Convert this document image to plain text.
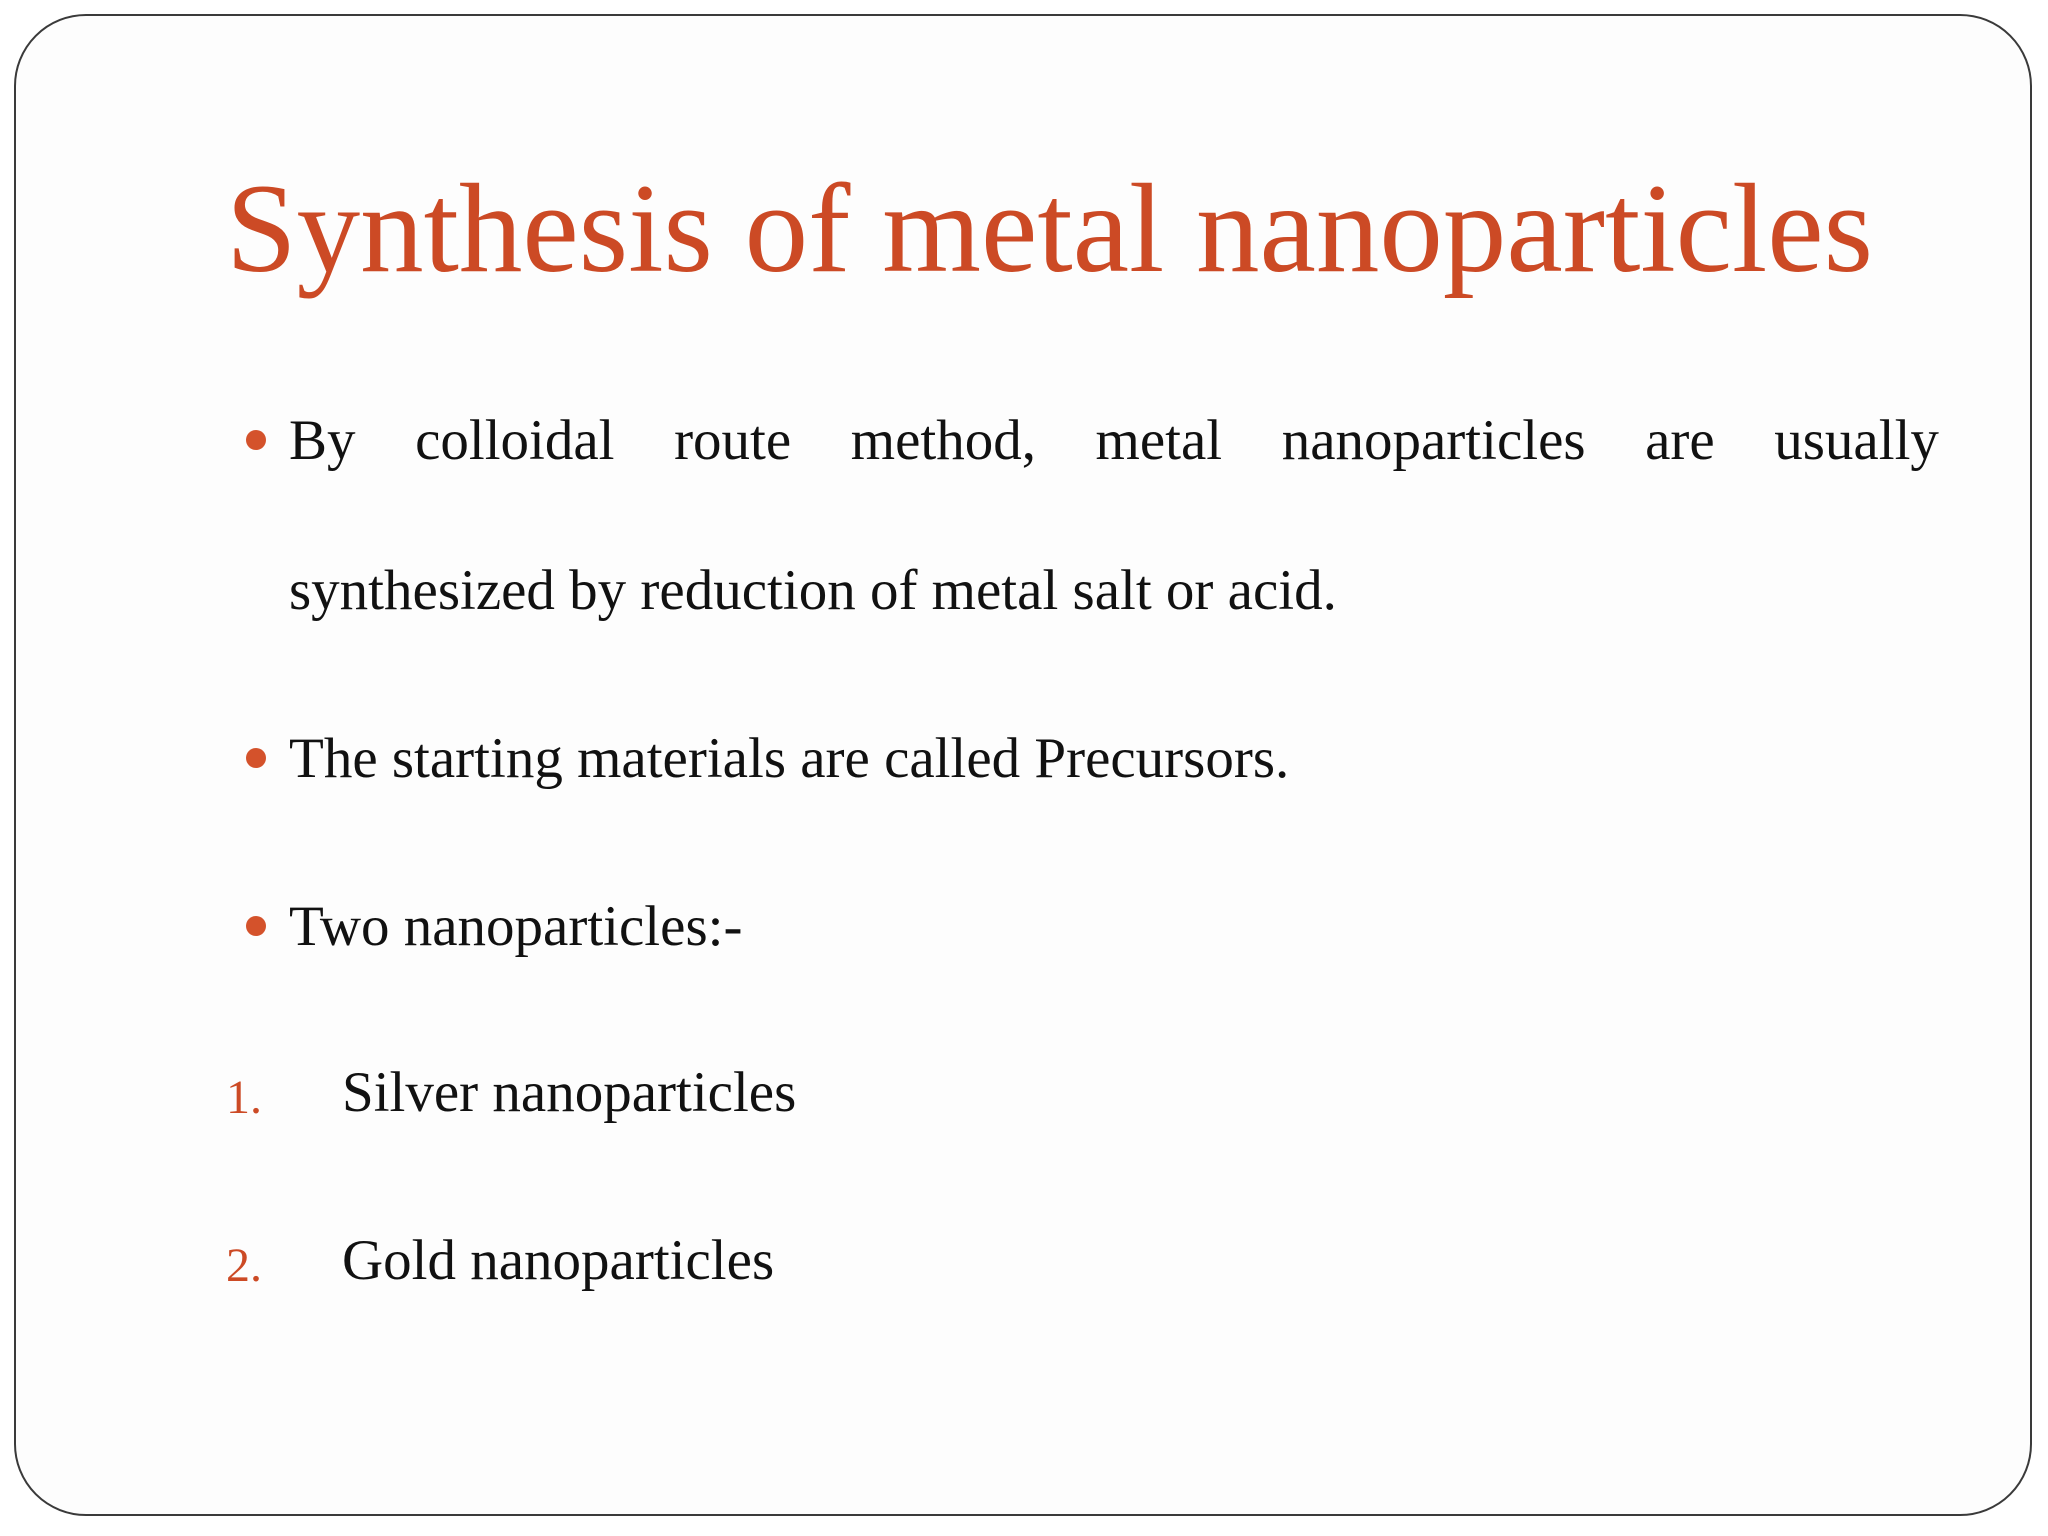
Synthesis of metal nanoparticles
By colloidal route method, metal nanoparticles are usually
synthesized by reduction of metal salt or acid.
The starting materials are called Precursors.
Two nanoparticles:-
1. Silver nanoparticles
2. Gold nanoparticles
